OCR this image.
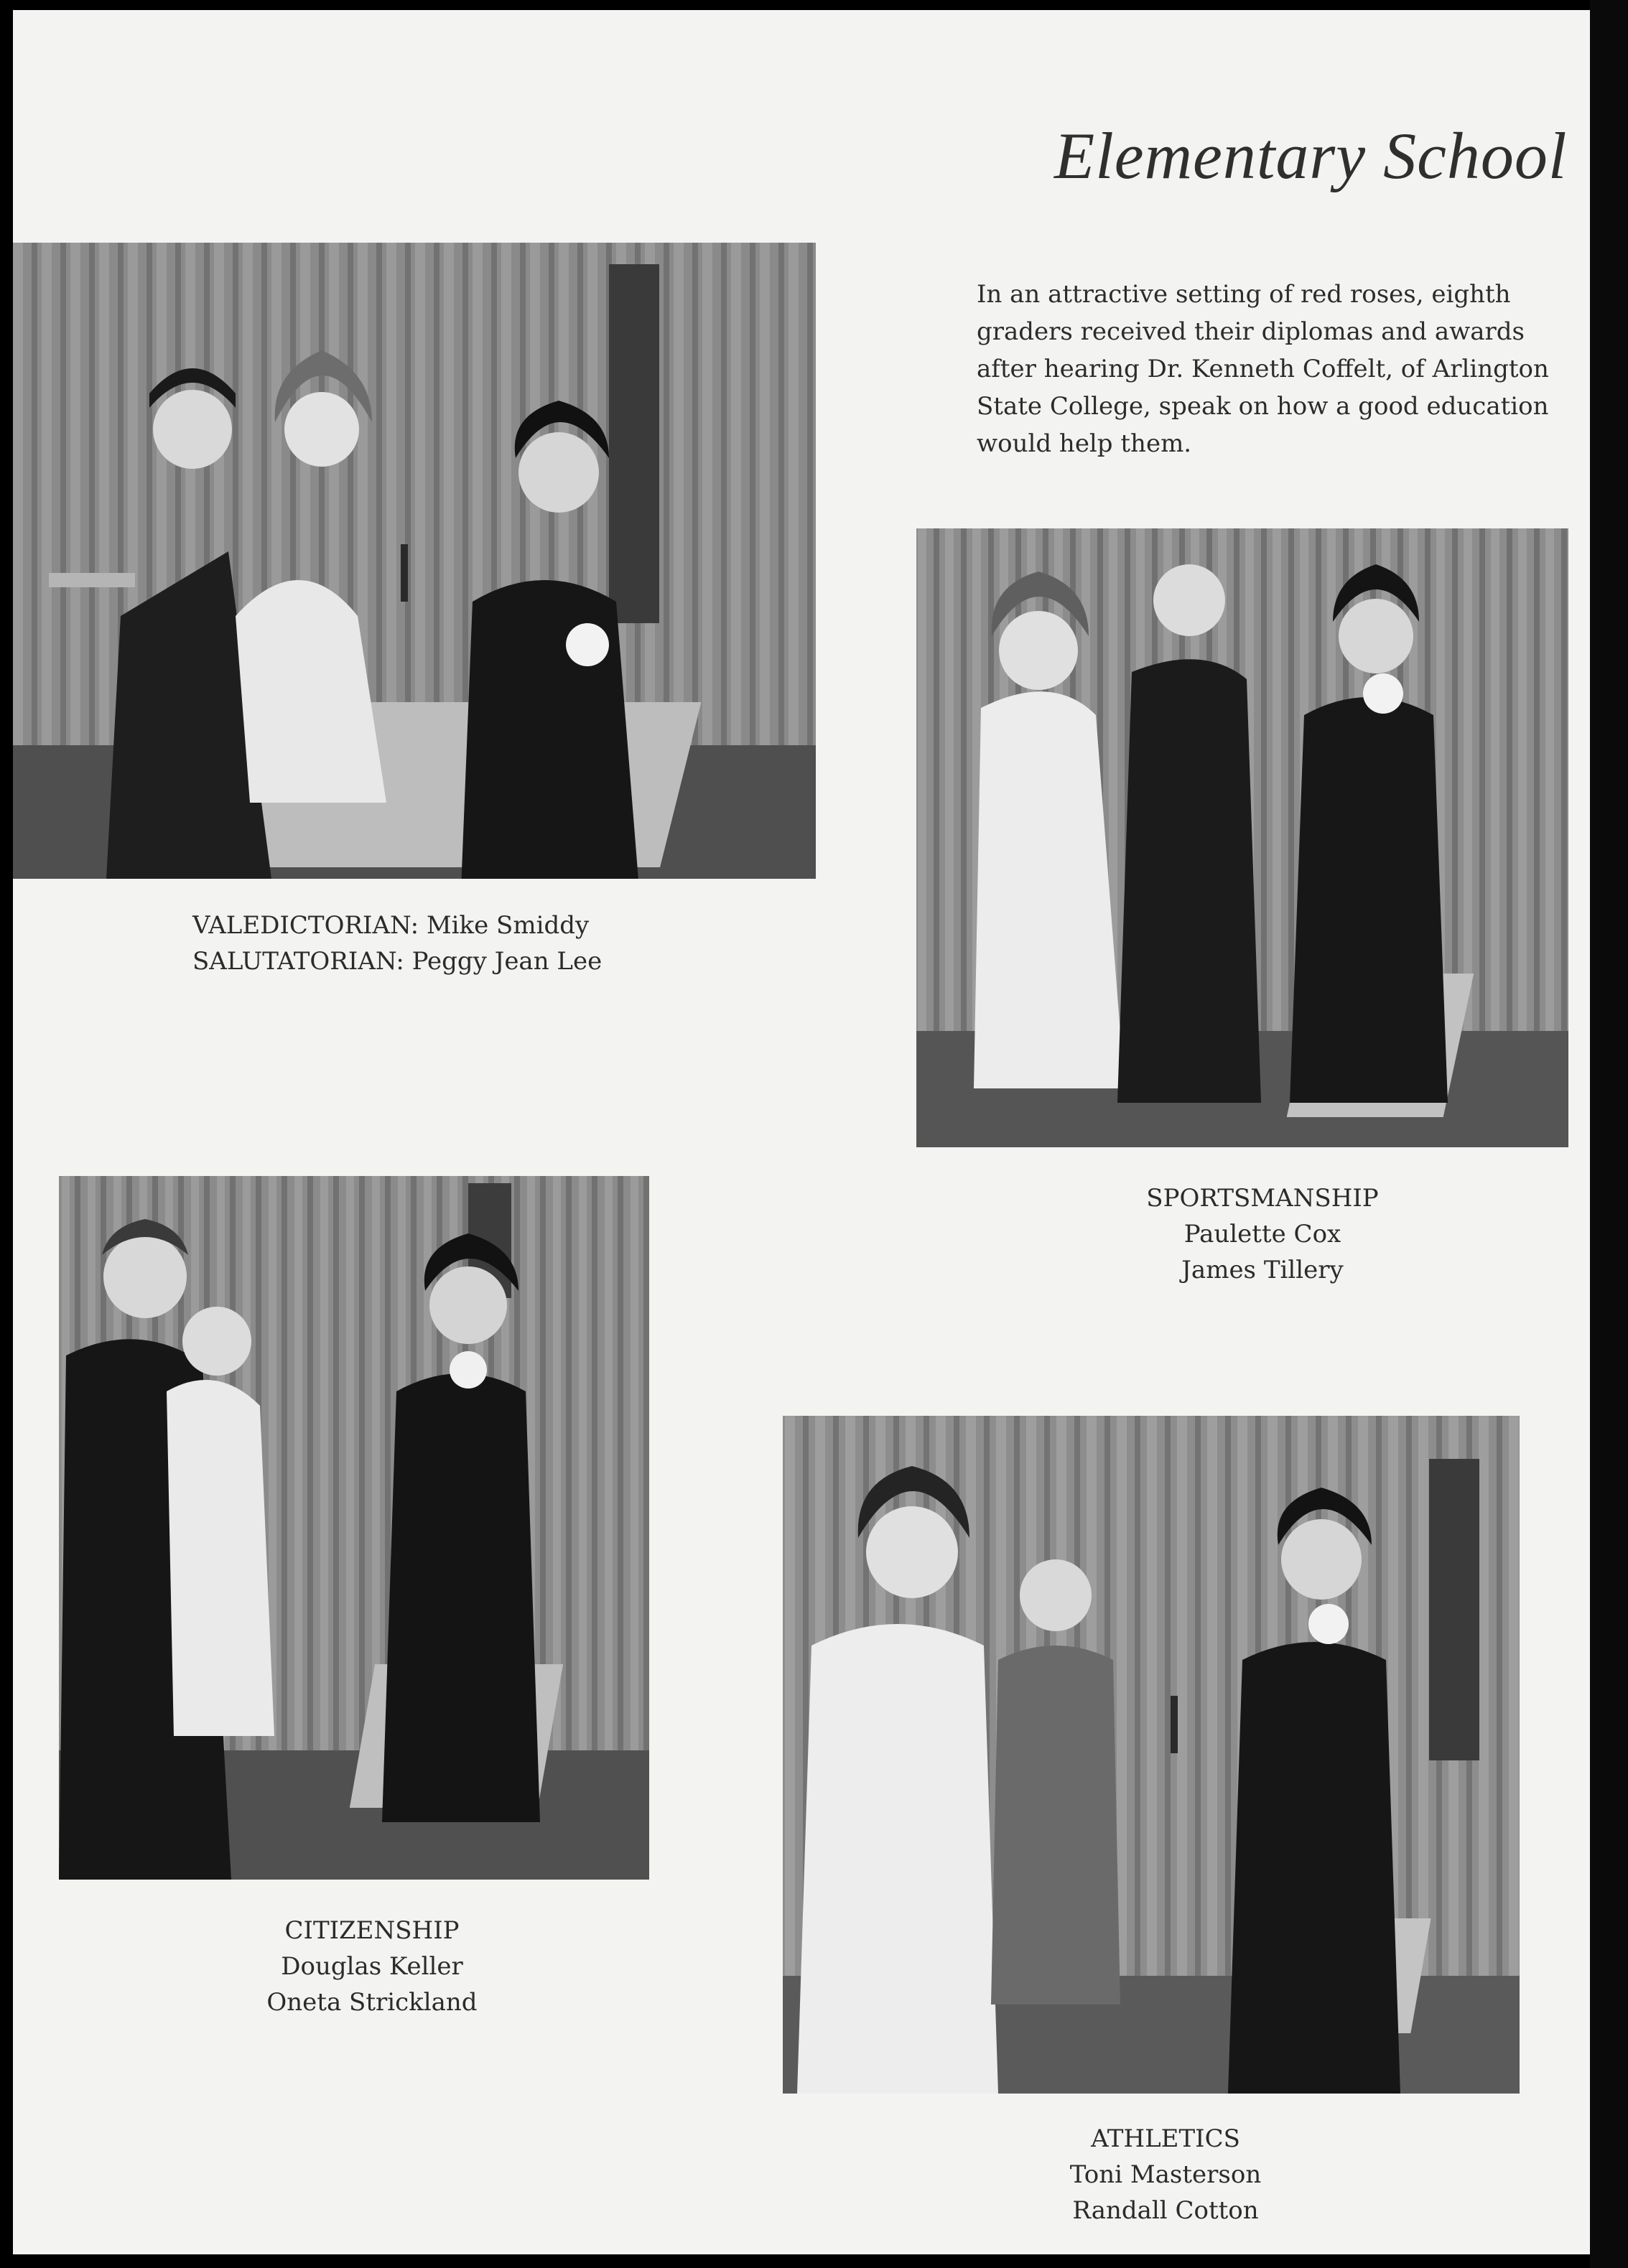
Elementary School
In an attractive setting of red roses, eighth graders received their diplomas and awards after hearing Dr. Kenneth Coffelt, of Arlington State College, speak on how a good education would help them.
VALEDICTORIAN: Mike Smiddy
SALUTATORIAN: Peggy Jean Lee
SPORTSMANSHIP
Paulette Cox
James Tillery
CITIZENSHIP
Douglas Keller
Oneta Strickland
ATHLETICS
Toni Masterson
Randall Cotton
